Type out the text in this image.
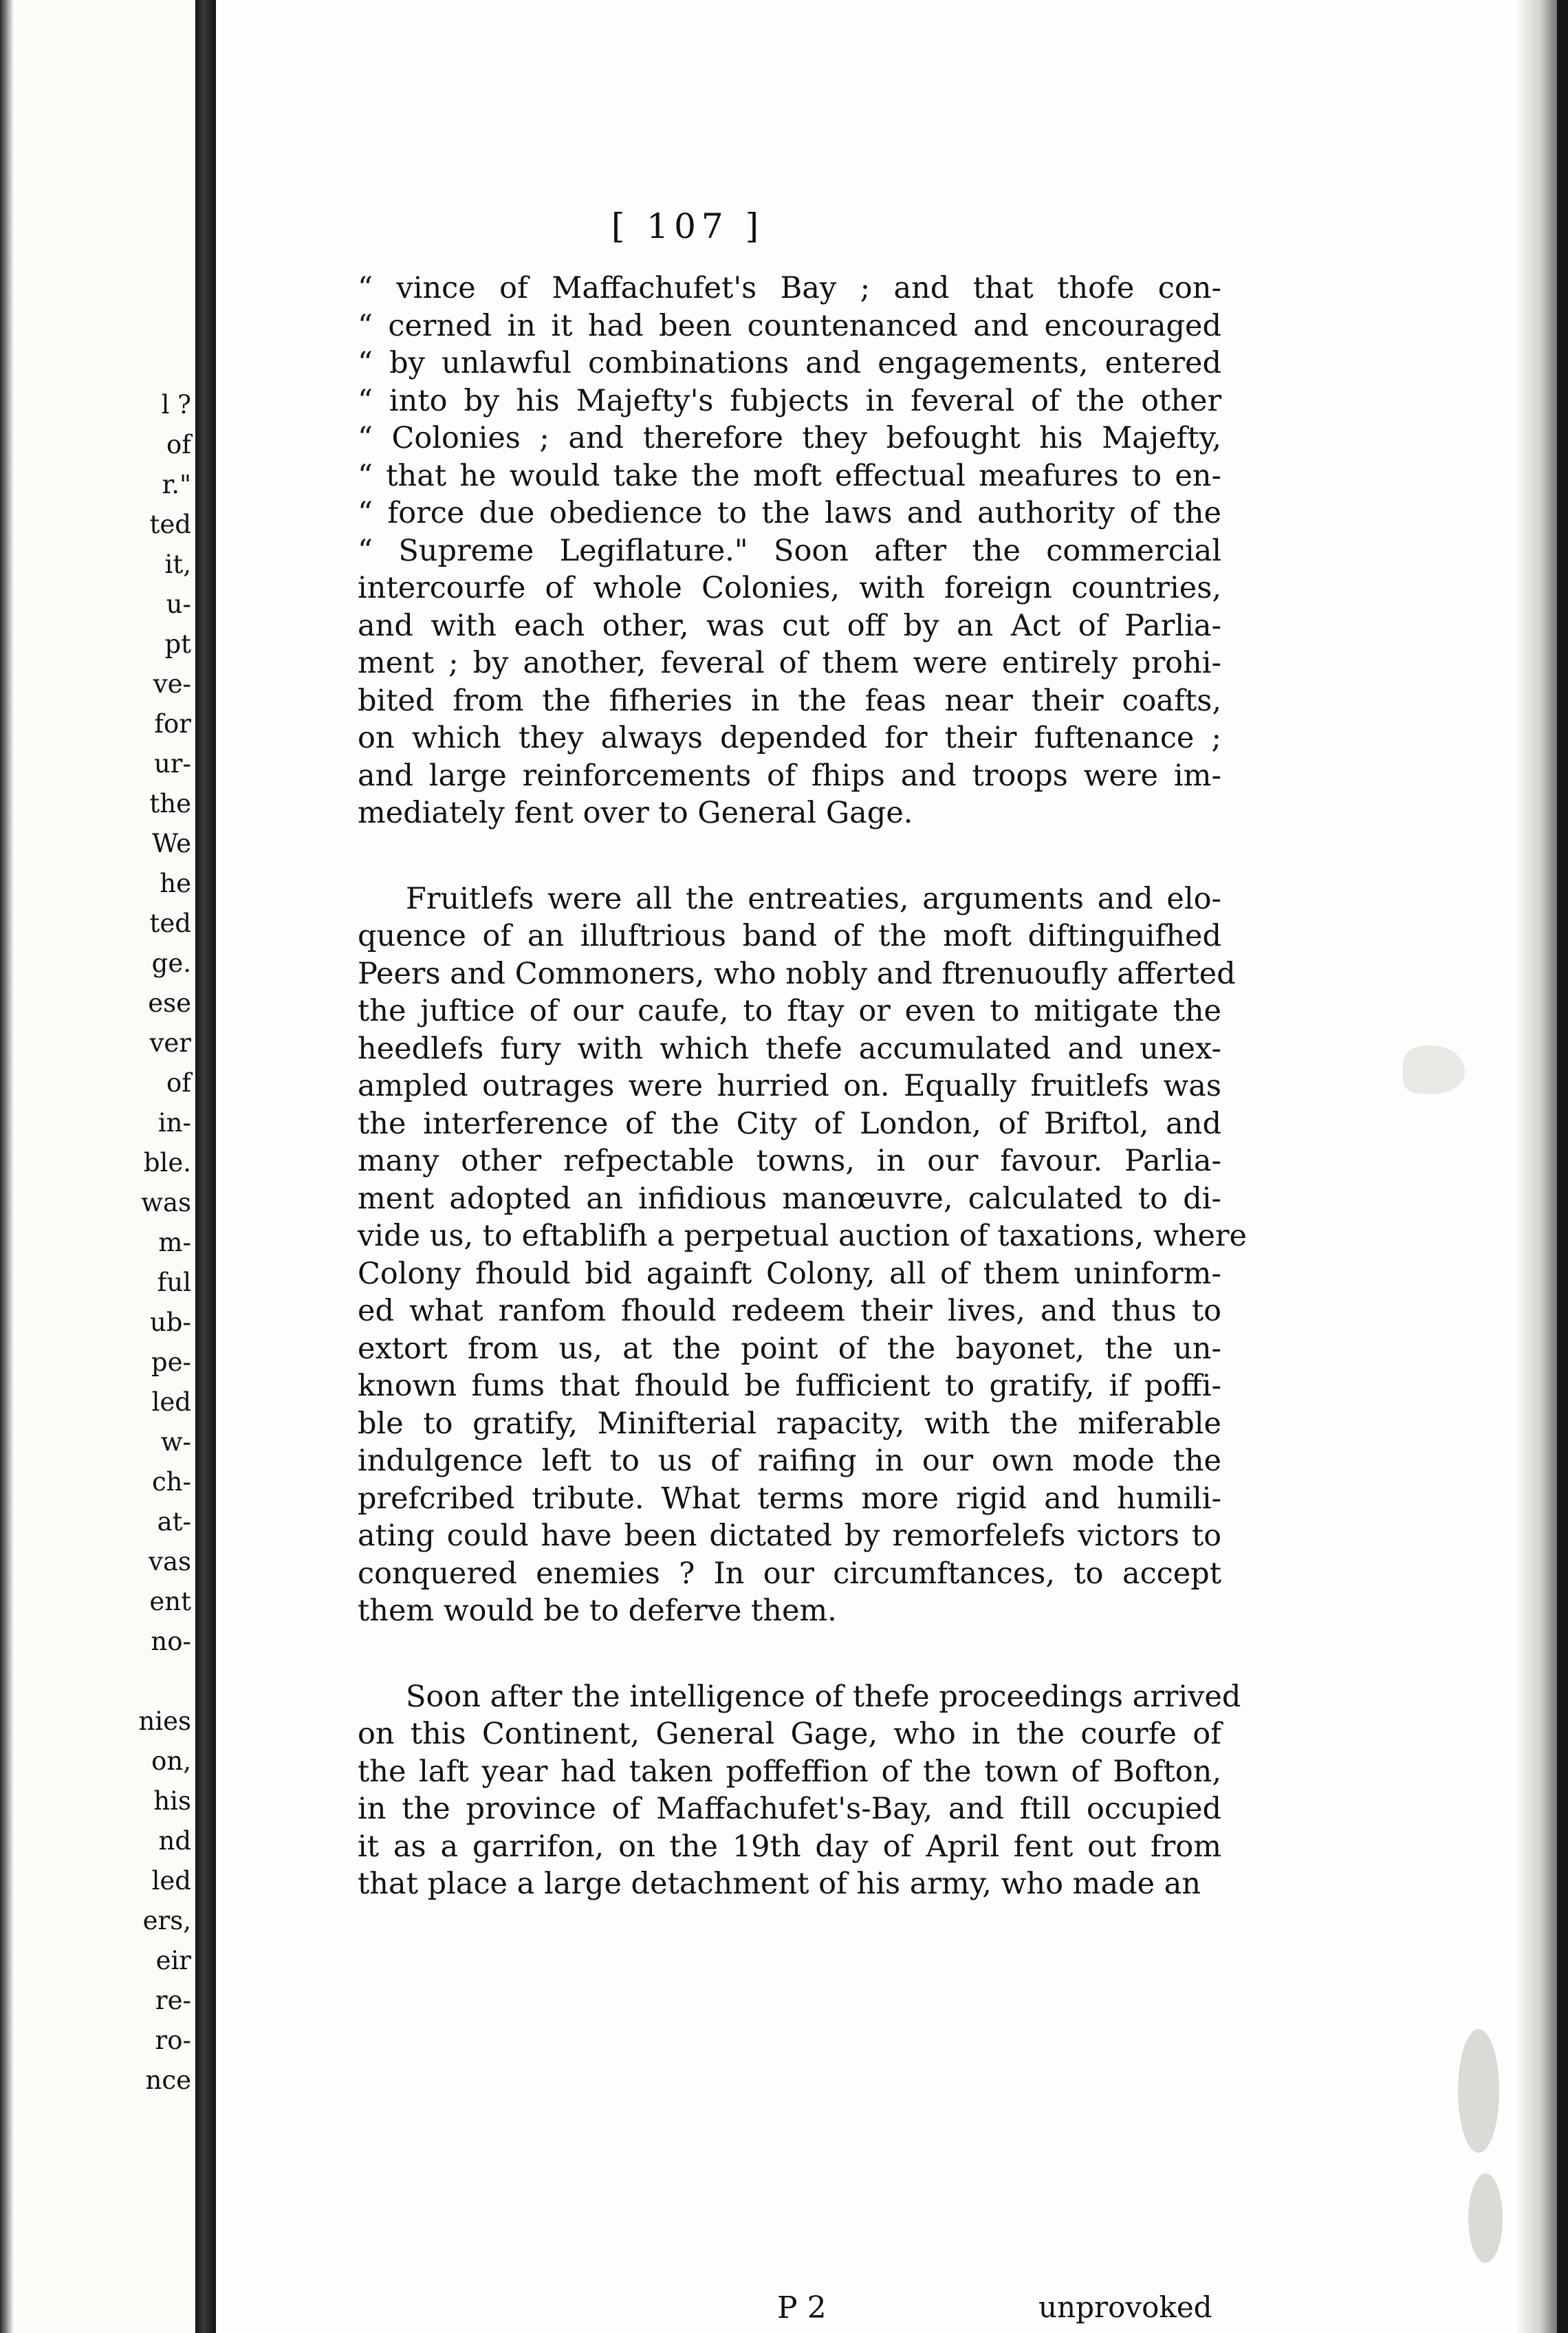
l ?
of
r."
ted
it,
u-
pt
ve-
for
ur-
the
We
he
ted
ge.
ese
ver
of
in-
ble.
was
m-
ful
ub-
pe-
led
w-
ch-
at-
vas
ent
no-
nies
on,
his
nd
led
ers,
eir
re-
ro-
nce
[ 107 ]
“ vince of Maffachufet's Bay ; and that thofe con-
“ cerned in it had been countenanced and encouraged
“ by unlawful combinations and engagements, entered
“ into by his Majefty's fubjects in feveral of the other
“ Colonies ; and therefore they befought his Majefty,
“ that he would take the moft effectual meafures to en-
“ force due obedience to the laws and authority of the
“ Supreme Legiflature." Soon after the commercial
intercourfe of whole Colonies, with foreign countries,
and with each other, was cut off by an Act of Parlia-
ment ; by another, feveral of them were entirely prohi-
bited from the fifheries in the feas near their coafts,
on which they always depended for their fuftenance ;
and large reinforcements of fhips and troops were im-
mediately fent over to General Gage.
Fruitlefs were all the entreaties, arguments and elo-
quence of an illuftrious band of the moft diftinguifhed
Peers and Commoners, who nobly and ftrenuoufly afferted
the juftice of our caufe, to ftay or even to mitigate the
heedlefs fury with which thefe accumulated and unex-
ampled outrages were hurried on. Equally fruitlefs was
the interference of the City of London, of Briftol, and
many other refpectable towns, in our favour. Parlia-
ment adopted an infidious manœuvre, calculated to di-
vide us, to eftablifh a perpetual auction of taxations, where
Colony fhould bid againft Colony, all of them uninform-
ed what ranfom fhould redeem their lives, and thus to
extort from us, at the point of the bayonet, the un-
known fums that fhould be fufficient to gratify, if poffi-
ble to gratify, Minifterial rapacity, with the miferable
indulgence left to us of raifing in our own mode the
prefcribed tribute. What terms more rigid and humili-
ating could have been dictated by remorfelefs victors to
conquered enemies ? In our circumftances, to accept
them would be to deferve them.
Soon after the intelligence of thefe proceedings arrived
on this Continent, General Gage, who in the courfe of
the laft year had taken poffeffion of the town of Bofton,
in the province of Maffachufet's-Bay, and ftill occupied
it as a garrifon, on the 19th day of April fent out from
that place a large detachment of his army, who made an
P 2	unprovoked
